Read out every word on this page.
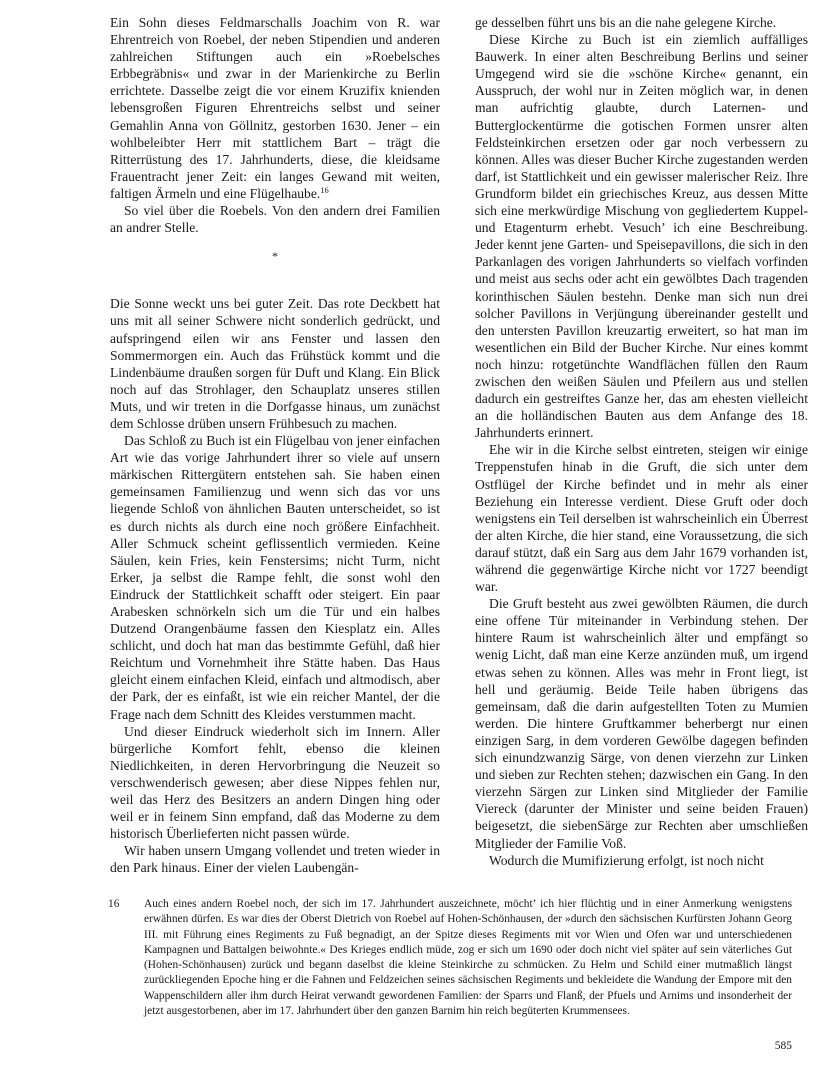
Ein Sohn dieses Feldmarschalls Joachim von R. war Ehrentreich von Roebel, der neben Stipendien und anderen zahlreichen Stiftungen auch ein »Roebelsches Erbbegräbnis« und zwar in der Marienkirche zu Berlin errichtete. Dasselbe zeigt die vor einem Kruzifix knienden lebensgroßen Figuren Ehrentreichs selbst und seiner Gemahlin Anna von Göllnitz, gestorben 1630. Jener – ein wohlbeleibter Herr mit stattlichem Bart – trägt die Ritterrüstung des 17. Jahrhunderts, diese, die kleidsame Frauentracht jener Zeit: ein langes Gewand mit weiten, faltigen Ärmeln und eine Flügelhaube.$^{16}$

So viel über die Roebels. Von den andern drei Familien an andrer Stelle.

*

Die Sonne weckt uns bei guter Zeit. Das rote Deckbett hat uns mit all seiner Schwere nicht sonderlich gedrückt, und aufspringend eilen wir ans Fenster und lassen den Sommermorgen ein. Auch das Frühstück kommt und die Lindenbäume draußen sorgen für Duft und Klang. Ein Blick noch auf das Strohlager, den Schauplatz unseres stillen Muts, und wir treten in die Dorfgasse hinaus, um zunächst dem Schlosse drüben unsern Frühbesuch zu machen.

Das Schloß zu Buch ist ein Flügelbau von jener einfachen Art wie das vorige Jahrhundert ihrer so viele auf unsern märkischen Rittergütern entstehen sah. Sie haben einen gemeinsamen Familienzug und wenn sich das vor uns liegende Schloß von ähnlichen Bauten unterscheidet, so ist es durch nichts als durch eine noch größere Einfachheit. Aller Schmuck scheint geflissentlich vermieden. Keine Säulen, kein Fries, kein Fenstersims; nicht Turm, nicht Erker, ja selbst die Rampe fehlt, die sonst wohl den Eindruck der Stattlichkeit schafft oder steigert. Ein paar Arabesken schnörkeln sich um die Tür und ein halbes Dutzend Orangenbäume fassen den Kiesplatz ein. Alles schlicht, und doch hat man das bestimmte Gefühl, daß hier Reichtum und Vornehmheit ihre Stätte haben. Das Haus gleicht einem einfachen Kleid, einfach und altmodisch, aber der Park, der es einfaßt, ist wie ein reicher Mantel, der die Frage nach dem Schnitt des Kleides verstummen macht.

Und dieser Eindruck wiederholt sich im Innern. Aller bürgerliche Komfort fehlt, ebenso die kleinen Niedlichkeiten, in deren Hervorbringung die Neuzeit so verschwenderisch gewesen; aber diese Nippes fehlen nur, weil das Herz des Besitzers an andern Dingen hing oder weil er in feinem Sinn empfand, daß das Moderne zu dem historisch Überlieferten nicht passen würde.

Wir haben unsern Umgang vollendet und treten wieder in den Park hinaus. Einer der vielen Laubengän-

ge desselben führt uns bis an die nahe gelegene Kirche.

Diese Kirche zu Buch ist ein ziemlich auffälliges Bauwerk. In einer alten Beschreibung Berlins und seiner Umgegend wird sie die »schöne Kirche« genannt, ein Ausspruch, der wohl nur in Zeiten möglich war, in denen man aufrichtig glaubte, durch Laternen- und Butterglockentürme die gotischen Formen unsrer alten Feldsteinkirchen ersetzen oder gar noch verbessern zu können. Alles was dieser Bucher Kirche zugestanden werden darf, ist Stattlichkeit und ein gewisser malerischer Reiz. Ihre Grundform bildet ein griechisches Kreuz, aus dessen Mitte sich eine merkwürdige Mischung von gegliedertem Kuppel- und Etagenturm erhebt. Vesuch’ ich eine Beschreibung. Jeder kennt jene Garten- und Speisepavillons, die sich in den Parkanlagen des vorigen Jahrhunderts so vielfach vorfinden und meist aus sechs oder acht ein gewölbtes Dach tragenden korinthischen Säulen bestehn. Denke man sich nun drei solcher Pavillons in Verjüngung übereinander gestellt und den untersten Pavillon kreuzartig erweitert, so hat man im wesentlichen ein Bild der Bucher Kirche. Nur eines kommt noch hinzu: rotgetünchte Wandflächen füllen den Raum zwischen den weißen Säulen und Pfeilern aus und stellen dadurch ein gestreiftes Ganze her, das am ehesten vielleicht an die holländischen Bauten aus dem Anfange des 18. Jahrhunderts erinnert.

Ehe wir in die Kirche selbst eintreten, steigen wir einige Treppenstufen hinab in die Gruft, die sich unter dem Ostflügel der Kirche befindet und in mehr als einer Beziehung ein Interesse verdient. Diese Gruft oder doch wenigstens ein Teil derselben ist wahrscheinlich ein Überrest der alten Kirche, die hier stand, eine Voraussetzung, die sich darauf stützt, daß ein Sarg aus dem Jahr 1679 vorhanden ist, während die gegenwärtige Kirche nicht vor 1727 beendigt war.

Die Gruft besteht aus zwei gewölbten Räumen, die durch eine offene Tür miteinander in Verbindung stehen. Der hintere Raum ist wahrscheinlich älter und empfängt so wenig Licht, daß man eine Kerze anzünden muß, um irgend etwas sehen zu können. Alles was mehr in Front liegt, ist hell und geräumig. Beide Teile haben übrigens das gemeinsam, daß die darin aufgestellten Toten zu Mumien werden. Die hintere Gruftkammer beherbergt nur einen einzigen Sarg, in dem vorderen Gewölbe dagegen befinden sich einundzwanzig Särge, von denen vierzehn zur Linken und sieben zur Rechten stehen; dazwischen ein Gang. In den vierzehn Särgen zur Linken sind Mitglieder der Familie Viereck (darunter der Minister und seine beiden Frauen) beigesetzt, die siebenSärge zur Rechten aber umschließen Mitglieder der Familie Voß.

Wodurch die Mumifizierung erfolgt, ist noch nicht

16	Auch eines andern Roebel noch, der sich im 17. Jahrhundert auszeichnete, möcht’ ich hier flüchtig und in einer Anmerkung wenigstens erwähnen dürfen. Es war dies der Oberst Dietrich von Roebel auf Hohen-Schönhausen, der »durch den sächsischen Kurfürsten Johann Georg III. mit Führung eines Regiments zu Fuß begnadigt, an der Spitze dieses Regiments mit vor Wien und Ofen war und unterschiedenen Kampagnen und Battalgen beiwohnte.« Des Krieges endlich müde, zog er sich um 1690 oder doch nicht viel später auf sein väterliches Gut (Hohen-Schönhausen) zurück und begann daselbst die kleine Steinkirche zu schmücken. Zu Helm und Schild einer mutmaßlich längst zurückliegenden Epoche hing er die Fahnen und Feldzeichen seines sächsischen Regiments und bekleidete die Wandung der Empore mit den Wappenschildern aller ihm durch Heirat verwandt gewordenen Familien: der Sparrs und Flanß, der Pfuels und Arnims und insonderheit der jetzt ausgestorbenen, aber im 17. Jahrhundert über den ganzen Barnim hin reich begüterten Krummensees.
585
